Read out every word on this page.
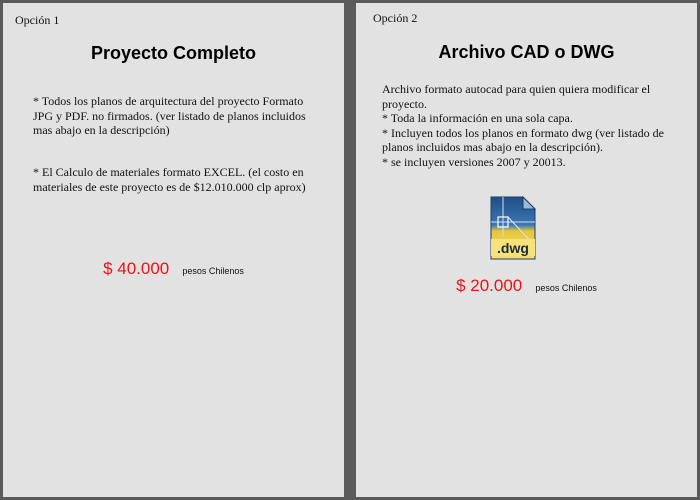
Opción 1
Proyecto Completo
* Todos los planos de arquitectura del proyecto Formato JPG y PDF. no firmados. (ver listado de planos incluidos mas abajo en la descripción)
* El Calculo de materiales formato EXCEL. (el costo en materiales de este proyecto es de $12.010.000 clp aprox)
$ 40.000 pesos Chilenos
Opción 2
Archivo CAD o DWG

Archivo formato autocad para quien quiera modificar el proyecto.

* Toda la información en una sola capa.

* Incluyen todos los planos en formato dwg (ver listado de planos incluidos mas abajo en la descripción).

* se incluyen versiones 2007 y 20013.

.dwg
$ 20.000 pesos Chilenos
